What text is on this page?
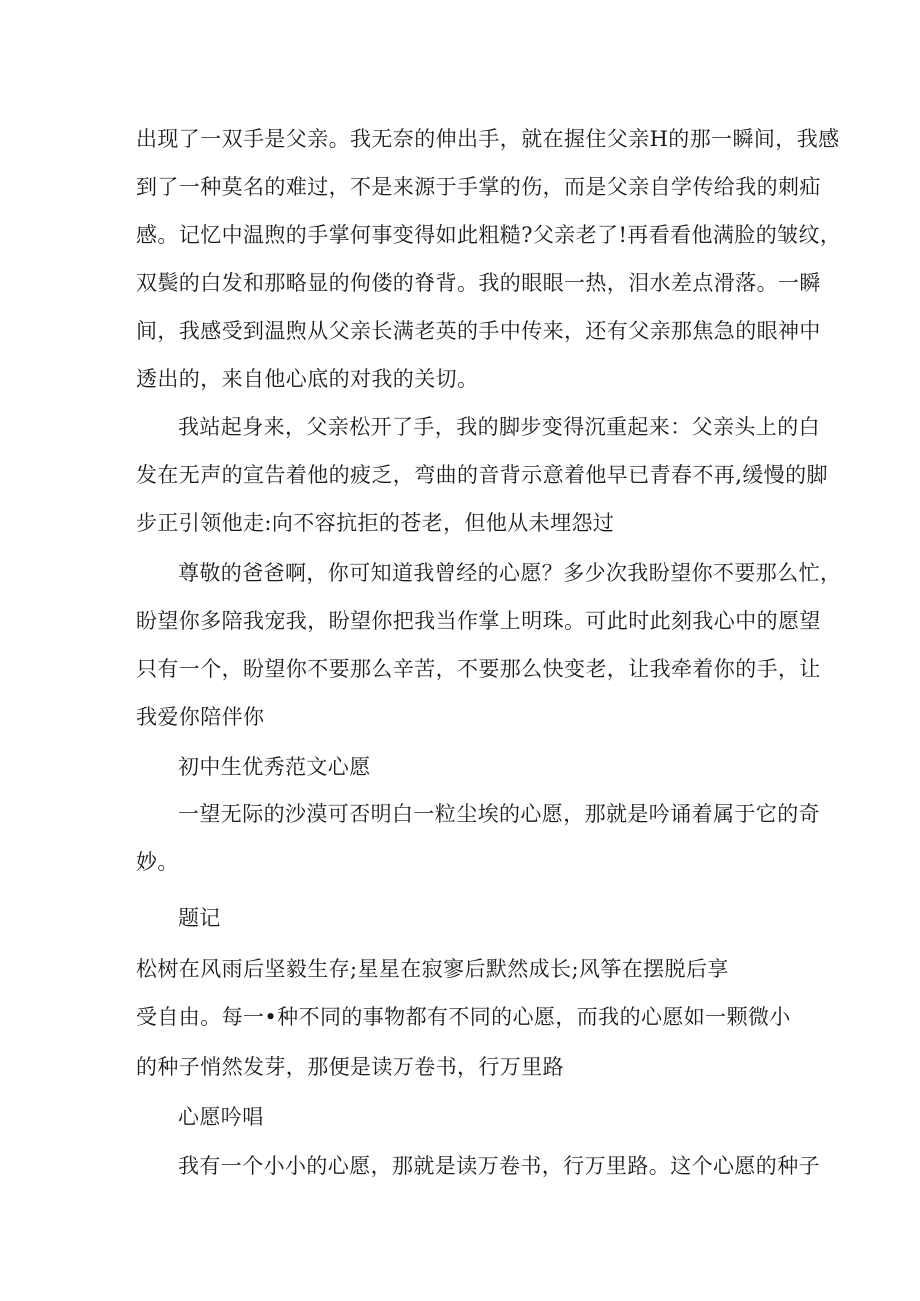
出现了一双手是父亲。我无奈的伸出手，就在握住父亲H的那一瞬间，我感
到了一种莫名的难过，不是来源于手掌的伤，而是父亲自学传给我的刺疝
感。记忆中温煦的手掌何事变得如此粗糙?父亲老了!再看看他满脸的皱纹，
双鬓的白发和那略显的佝偻的脊背。我的眼眼一热，泪水差点滑落。一瞬
间，我感受到温煦从父亲长满老英的手中传来，还有父亲那焦急的眼神中
透出的，来自他心底的对我的关切。
我站起身来，父亲松开了手，我的脚步变得沉重起来：父亲头上的白
发在无声的宣告着他的疲乏，弯曲的音背示意着他早已青春不再,缓慢的脚
步正引领他走:向不容抗拒的苍老，但他从未埋怨过
尊敬的爸爸啊，你可知道我曾经的心愿？多少次我盼望你不要那么忙，
盼望你多陪我宠我，盼望你把我当作掌上明珠。可此时此刻我心中的愿望
只有一个，盼望你不要那么辛苦，不要那么快变老，让我牵着你的手，让
我爱你陪伴你
初中生优秀范文心愿
一望无际的沙漠可否明白一粒尘埃的心愿，那就是吟诵着属于它的奇
妙。
题记
松树在风雨后坚毅生存;星星在寂寥后默然成长;风筝在摆脱后享
受自由。每一•种不同的事物都有不同的心愿，而我的心愿如一颗微小
的种子悄然发芽，那便是读万卷书，行万里路
心愿吟唱
我有一个小小的心愿，那就是读万卷书，行万里路。这个心愿的种子
